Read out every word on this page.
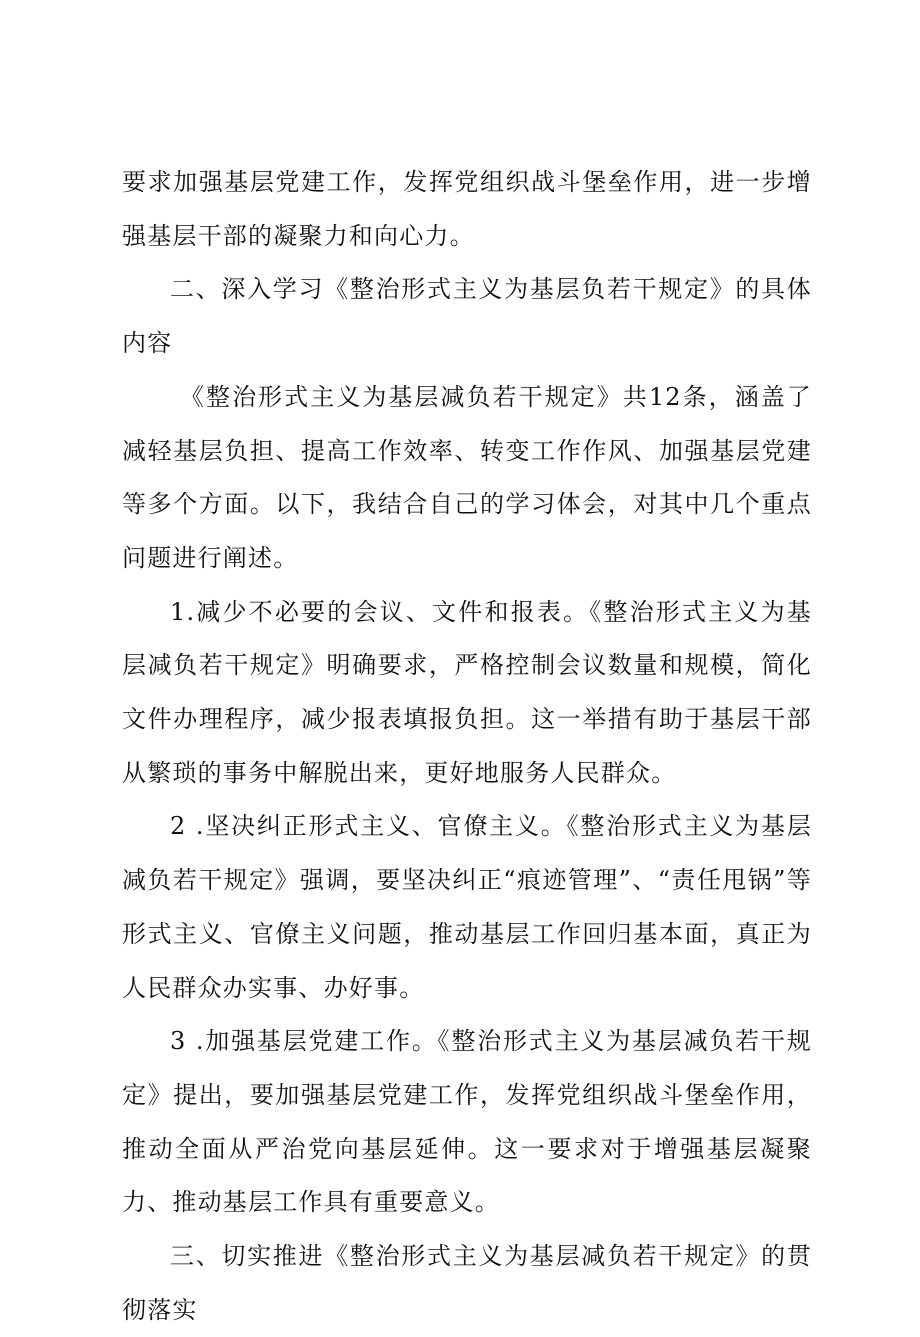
要求加强基层党建工作，发挥党组织战斗堡垒作用，进一步增强基层干部的凝聚力和向心力。

二、深入学习《整治形式主义为基层负若干规定》的具体内容

《整治形式主义为基层减负若干规定》共12条，涵盖了减轻基层负担、提高工作效率、转变工作作风、加强基层党建等多个方面。以下，我结合自己的学习体会，对其中几个重点问题进行阐述。

1.减少不必要的会议、文件和报表。《整治形式主义为基层减负若干规定》明确要求，严格控制会议数量和规模，简化文件办理程序，减少报表填报负担。这一举措有助于基层干部从繁琐的事务中解脱出来，更好地服务人民群众。

2 .坚决纠正形式主义、官僚主义。《整治形式主义为基层减负若干规定》强调，要坚决纠正“痕迹管理”、“责任甩锅”等形式主义、官僚主义问题，推动基层工作回归基本面，真正为人民群众办实事、办好事。

3 .加强基层党建工作。《整治形式主义为基层减负若干规定》提出，要加强基层党建工作，发挥党组织战斗堡垒作用，推动全面从严治党向基层延伸。这一要求对于增强基层凝聚力、推动基层工作具有重要意义。

三、切实推进《整治形式主义为基层减负若干规定》的贯彻落实
